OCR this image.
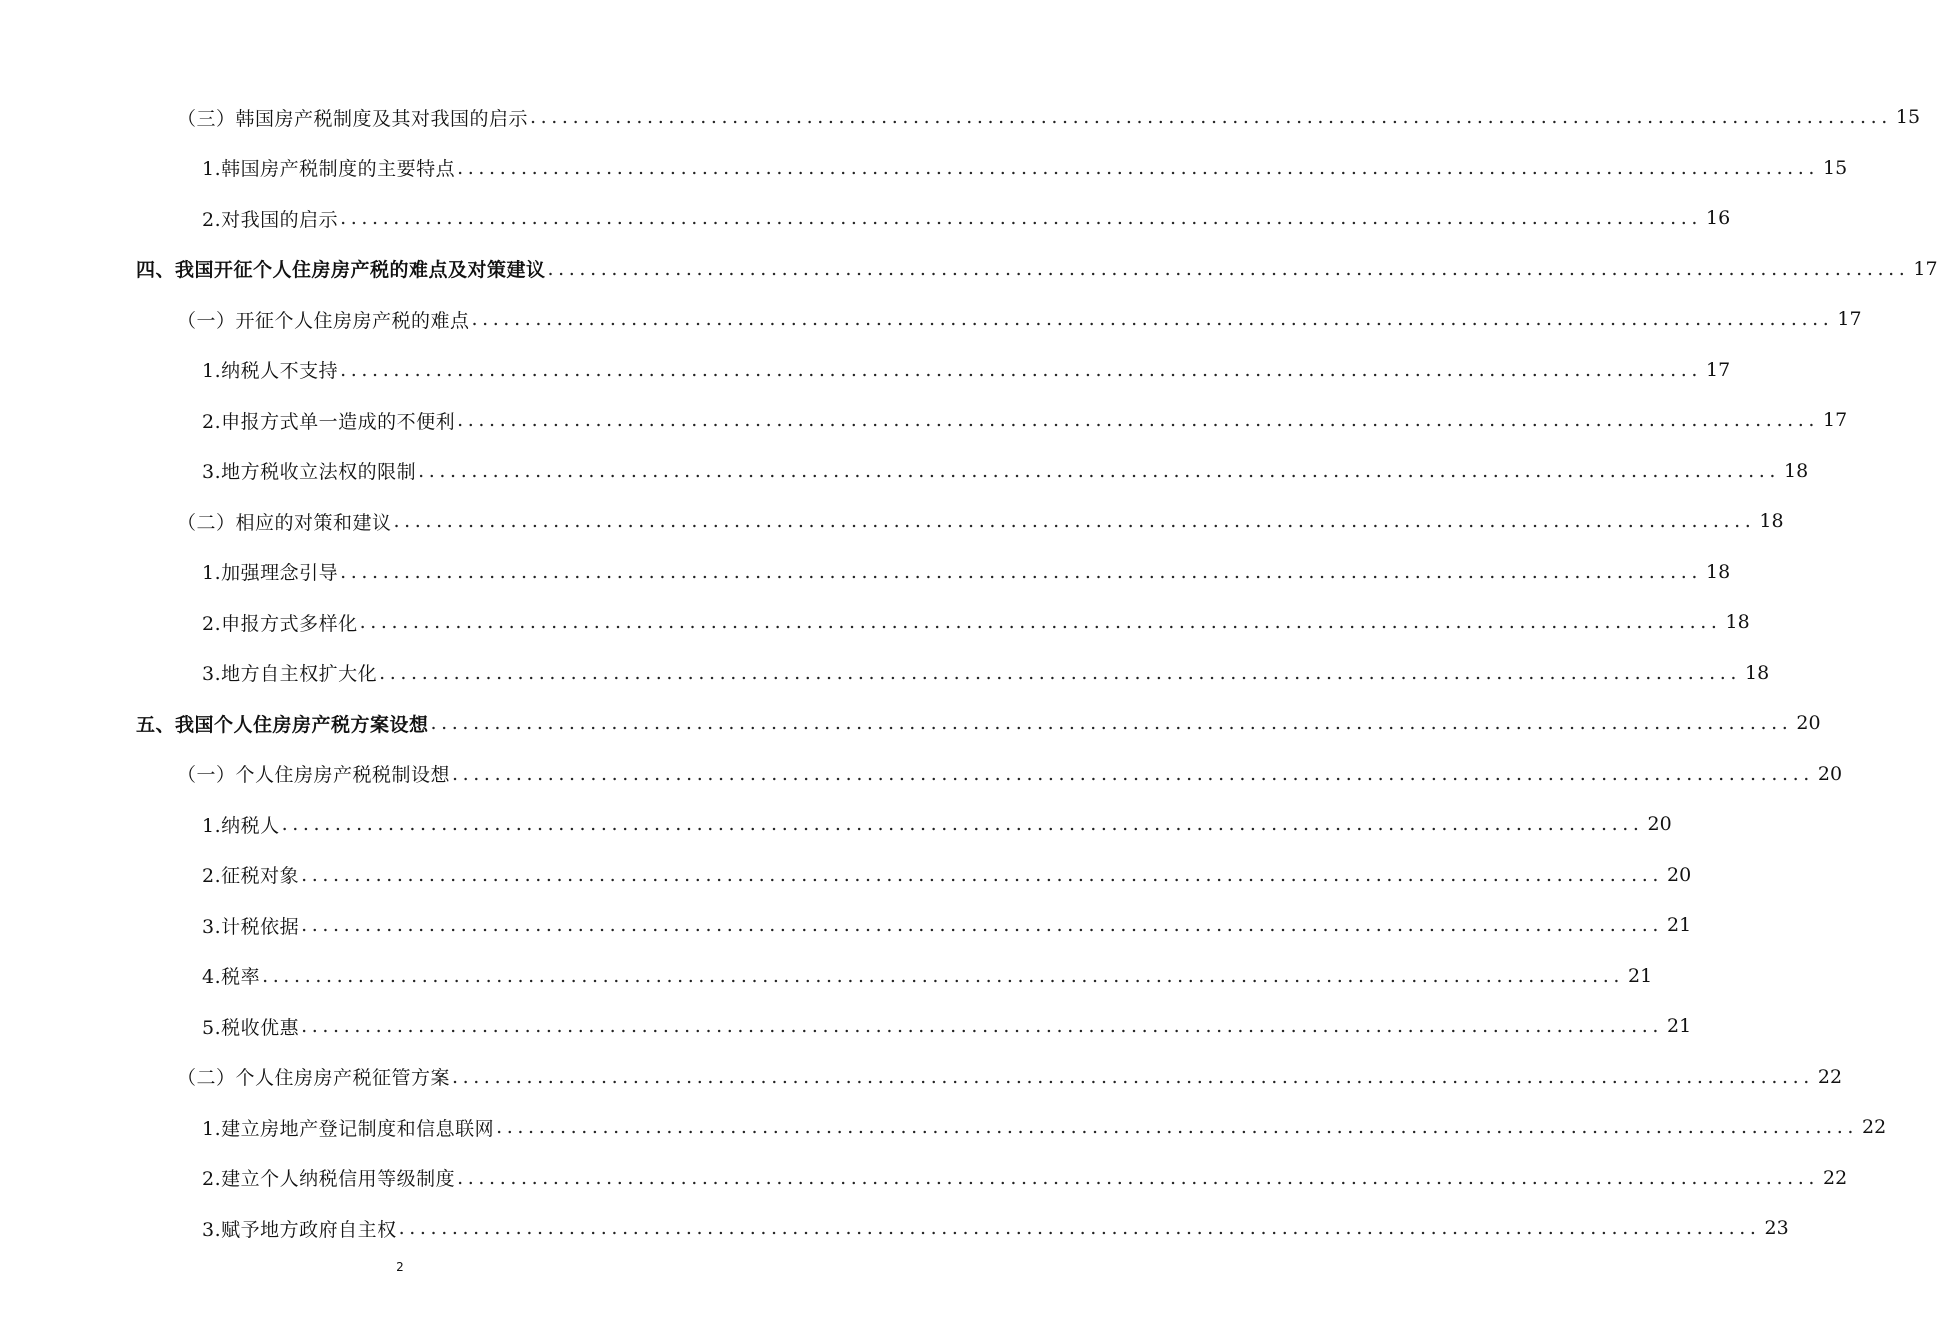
（三）韩国房产税制度及其对我国的启示 ................................................................................................................................ 15
1.韩国房产税制度的主要特点 ................................................................................................................................ 15
2.对我国的启示 ................................................................................................................................ 16
四、我国开征个人住房房产税的难点及对策建议 ................................................................................................................................ 17
（一）开征个人住房房产税的难点 ................................................................................................................................ 17
1.纳税人不支持 ................................................................................................................................ 17
2.申报方式单一造成的不便利 ................................................................................................................................ 17
3.地方税收立法权的限制 ................................................................................................................................ 18
（二）相应的对策和建议 ................................................................................................................................ 18
1.加强理念引导 ................................................................................................................................ 18
2.申报方式多样化 ................................................................................................................................ 18
3.地方自主权扩大化 ................................................................................................................................ 18
五、我国个人住房房产税方案设想 ................................................................................................................................ 20
（一）个人住房房产税税制设想 ................................................................................................................................ 20
1.纳税人 ................................................................................................................................ 20
2.征税对象 ................................................................................................................................ 20
3.计税依据 ................................................................................................................................ 21
4.税率 ................................................................................................................................ 21
5.税收优惠 ................................................................................................................................ 21
（二）个人住房房产税征管方案 ................................................................................................................................ 22
1.建立房地产登记制度和信息联网 ................................................................................................................................ 22
2.建立个人纳税信用等级制度 ................................................................................................................................ 22
3.赋予地方政府自主权 ................................................................................................................................ 23
2
